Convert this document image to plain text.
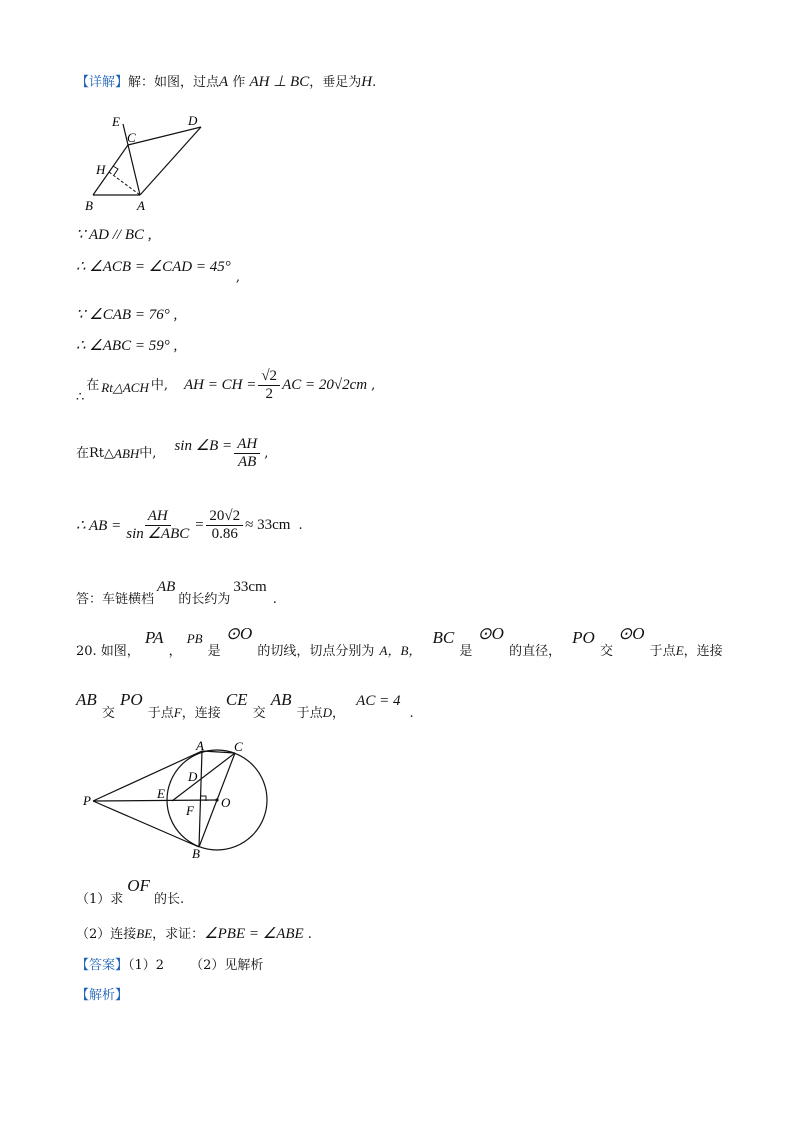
【详解】解：如图，过点A 作 AH ⊥ BC，垂足为H.
E
C
D
H
B	A
∵ AD // BC ,
∴ ∠ACB = ∠CAD = 45° $_,$
∵ ∠CAB = 76° ,
∴ ∠ABC = 59° ,
∴
在 Rt△ACH 中, AH = CH = $\frac{√2}{2}$ AC = 20√2cm ,
在Rt△ ABH 中, sin ∠B = $\frac{AH}{AB}$ ,
∴ AB = $\frac{AH}{\text{sin ∠ABC}} = \frac{20√2}{0.86} \approx 33cm$ .
$_{答:车链横档}AB_{的长约为}33cm_.$
$_{20. 如图,}$ PA $_,$ PB $_是$ ⊙O $_{的切线,切点分别为}$ $_{A,B,}$ BC $_是$ ⊙O $_{的直径,}$ PO $_交$ ⊙O $_{于点E,连接}$
AB $_交$ PO $_{于点F,连接}$ CE $_交$ AB $_{于点D,}$ AC = 4 $_.$
A C
D
E
F
O
P
B
$_{(1)求}OF_{的长.}$
（2）连接BE，求证：∠PBE = ∠ABE .
【答案】（1）2 （2）见解析
【解析】
